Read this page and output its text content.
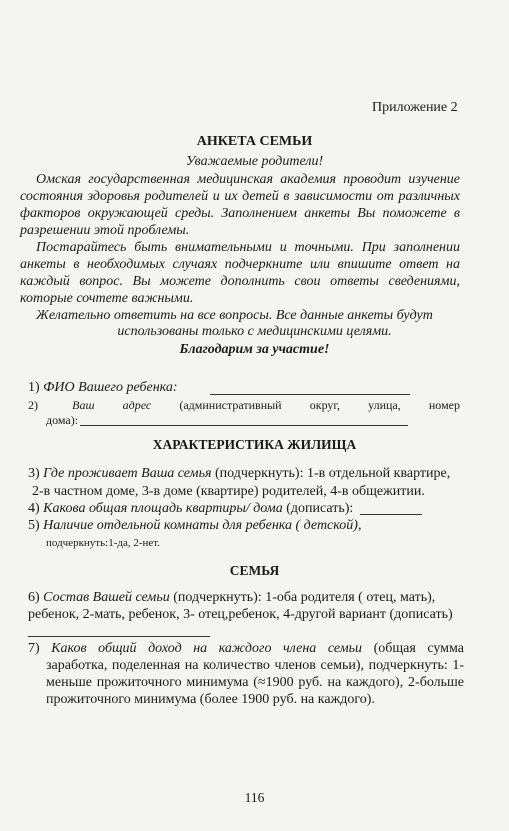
Приложение 2
АНКЕТА СЕМЬИ
Уважаемые родители!
Омская государственная медицинская академия проводит изучение
состояния здоровья родителей и их детей в зависимости от различных
факторов окружающей среды. Заполнением анкеты Вы поможете в
разрешении этой проблемы.
Постарайтесь быть внимательными и точными. При заполнении
анкеты в необходимых случаях подчеркните или впишите ответ на
каждый вопрос. Вы можете дополнить свои ответы сведениями,
которые сочтете важными.
Желательно ответить на все вопросы. Все данные анкеты будут
использованы только с медицинскими целями.
Благодарим за участие!
1) ФИО Вашего ребенка:
2)	Ваш адрес (административный округ, улица, номер
дома):
ХАРАКТЕРИСТИКА ЖИЛИЩА
3) Где проживает Ваша семья (подчеркнуть): 1-в отдельной квартире,
2-в частном доме, 3-в доме (квартире) родителей, 4-в общежитии.
4) Какова общая площадь квартиры/ дома (дописать):
5) Наличие отдельной комнаты для ребенка ( детской),
подчеркнуть:1-да, 2-нет.
СЕМЬЯ
6) Состав Вашей семьи (подчеркнуть): 1-оба родителя ( отец, мать),
ребенок, 2-мать, ребенок, 3- отец,ребенок, 4-другой вариант (дописать)
7) Каков общий доход на каждого члена семьи (общая сумма
заработка, поделенная на количество членов семьи), подчеркнуть: 1-
меньше прожиточного минимума (≈1900 руб. на каждого), 2-больше
прожиточного минимума (более 1900 руб. на каждого).
116
